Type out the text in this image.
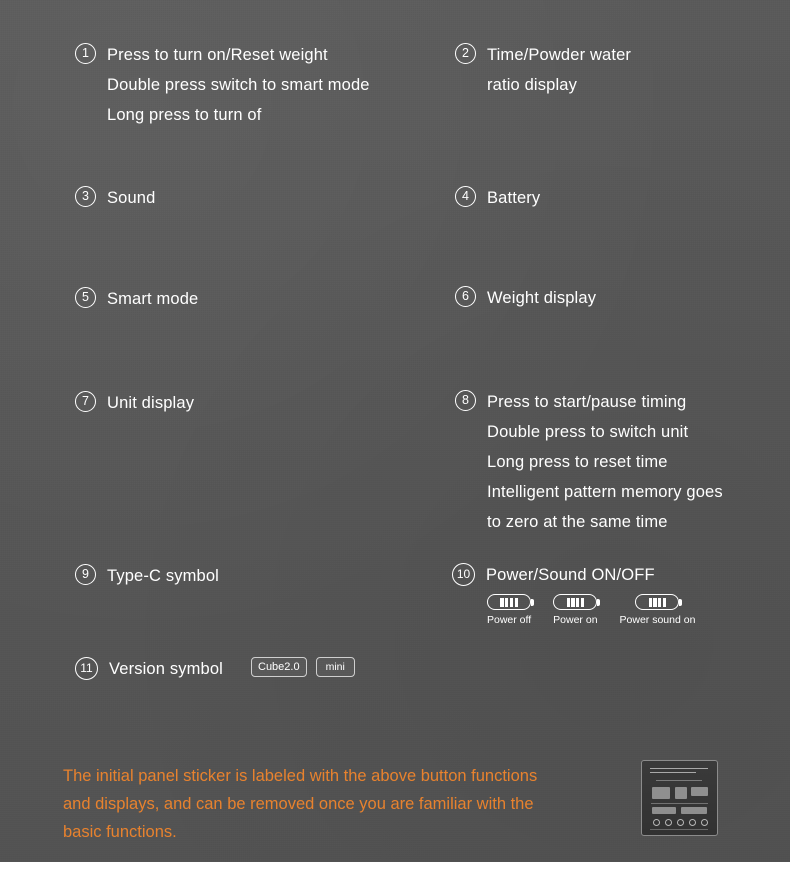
1	Press to turn on/Reset weight
Double press switch to smart mode
Long press to turn of
2	Time/Powder water
ratio display
3	Sound	4	Battery
5	Smart mode	6	Weight display
7	Unit display	8	Press to start/pause timing
Double press to switch unit
Long press to reset time
Intelligent pattern memory goes
to zero at the same time
9	Type-C symbol	10 Power/Sound ON/OFF
Power off Power on Power sound on
11 Version symbol	Cube2.0	mini
The initial panel sticker is labeled with the above button functions
and displays, and can be removed once you are familiar with the
basic functions.
